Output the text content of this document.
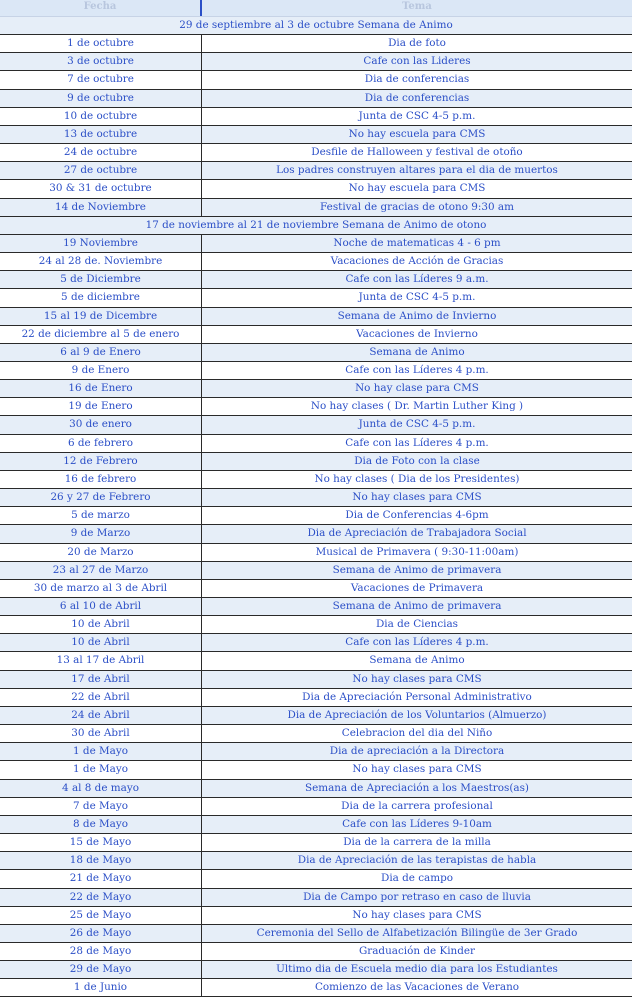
Fecha	Tema
29 de septiembre al 3 de octubre Semana de Animo
1 de octubre	Dia de foto
3 de octubre	Cafe con las Lideres
7 de octubre	Dia de conferencias
9 de octubre	Dia de conferencias
10 de octubre	Junta de CSC 4-5 p.m.
13 de octubre	No hay escuela para CMS
24 de octubre	Desfile de Halloween y festival de otoño
27 de octubre	Los padres construyen altares para el dia de muertos
30 & 31 de octubre	No hay escuela para CMS
14 de Noviembre	Festival de gracias de otono 9:30 am
17 de noviembre al 21 de noviembre Semana de Animo de otono
19 Noviembre	Noche de matematicas 4 - 6 pm
24 al 28 de. Noviembre	Vacaciones de Acción de Gracias
5 de Diciembre	Cafe con las Líderes 9 a.m.
5 de diciembre	Junta de CSC 4-5 p.m.
15 al 19 de Dicembre	Semana de Animo de Invierno
22 de diciembre al 5 de enero	Vacaciones de Invierno
6 al 9 de Enero	Semana de Animo
9 de Enero	Cafe con las Líderes 4 p.m.
16 de Enero	No hay clase para CMS
19 de Enero	No hay clases ( Dr. Martin Luther King )
30 de enero	Junta de CSC 4-5 p.m.
6 de febrero	Cafe con las Líderes 4 p.m.
12 de Febrero	Dia de Foto con la clase
16 de febrero	No hay clases ( Dia de los Presidentes)
26 y 27 de Febrero	No hay clases para CMS
5 de marzo	Dia de Conferencias 4-6pm
9 de Marzo	Dia de Apreciación de Trabajadora Social
20 de Marzo	Musical de Primavera ( 9:30-11:00am)
23 al 27 de Marzo	Semana de Animo de primavera
30 de marzo al 3 de Abril	Vacaciones de Primavera
6 al 10 de Abril	Semana de Animo de primavera
10 de Abril	Dia de Ciencias
10 de Abril	Cafe con las Líderes 4 p.m.
13 al 17 de Abril	Semana de Animo
17 de Abril	No hay clases para CMS
22 de Abril	Dia de Apreciación Personal Administrativo
24 de Abril	Dia de Apreciación de los Voluntarios (Almuerzo)
30 de Abril	Celebracion del dia del Niño
1 de Mayo	Dia de apreciación a la Directora
1 de Mayo	No hay clases para CMS
4 al 8 de mayo	Semana de Apreciación a los Maestros(as)
7 de Mayo	Dia de la carrera profesional
8 de Mayo	Cafe con las Líderes 9-10am
15 de Mayo	Dia de la carrera de la milla
18 de Mayo	Dia de Apreciación de las terapistas de habla
21 de Mayo	Dia de campo
22 de Mayo	Dia de Campo por retraso en caso de lluvia
25 de Mayo	No hay clases para CMS
26 de Mayo	Ceremonia del Sello de Alfabetización Bilingüe de 3er Grado
28 de Mayo	Graduación de Kinder
29 de Mayo	Ultimo dia de Escuela medio dia para los Estudiantes
1 de Junio	Comienzo de las Vacaciones de Verano
